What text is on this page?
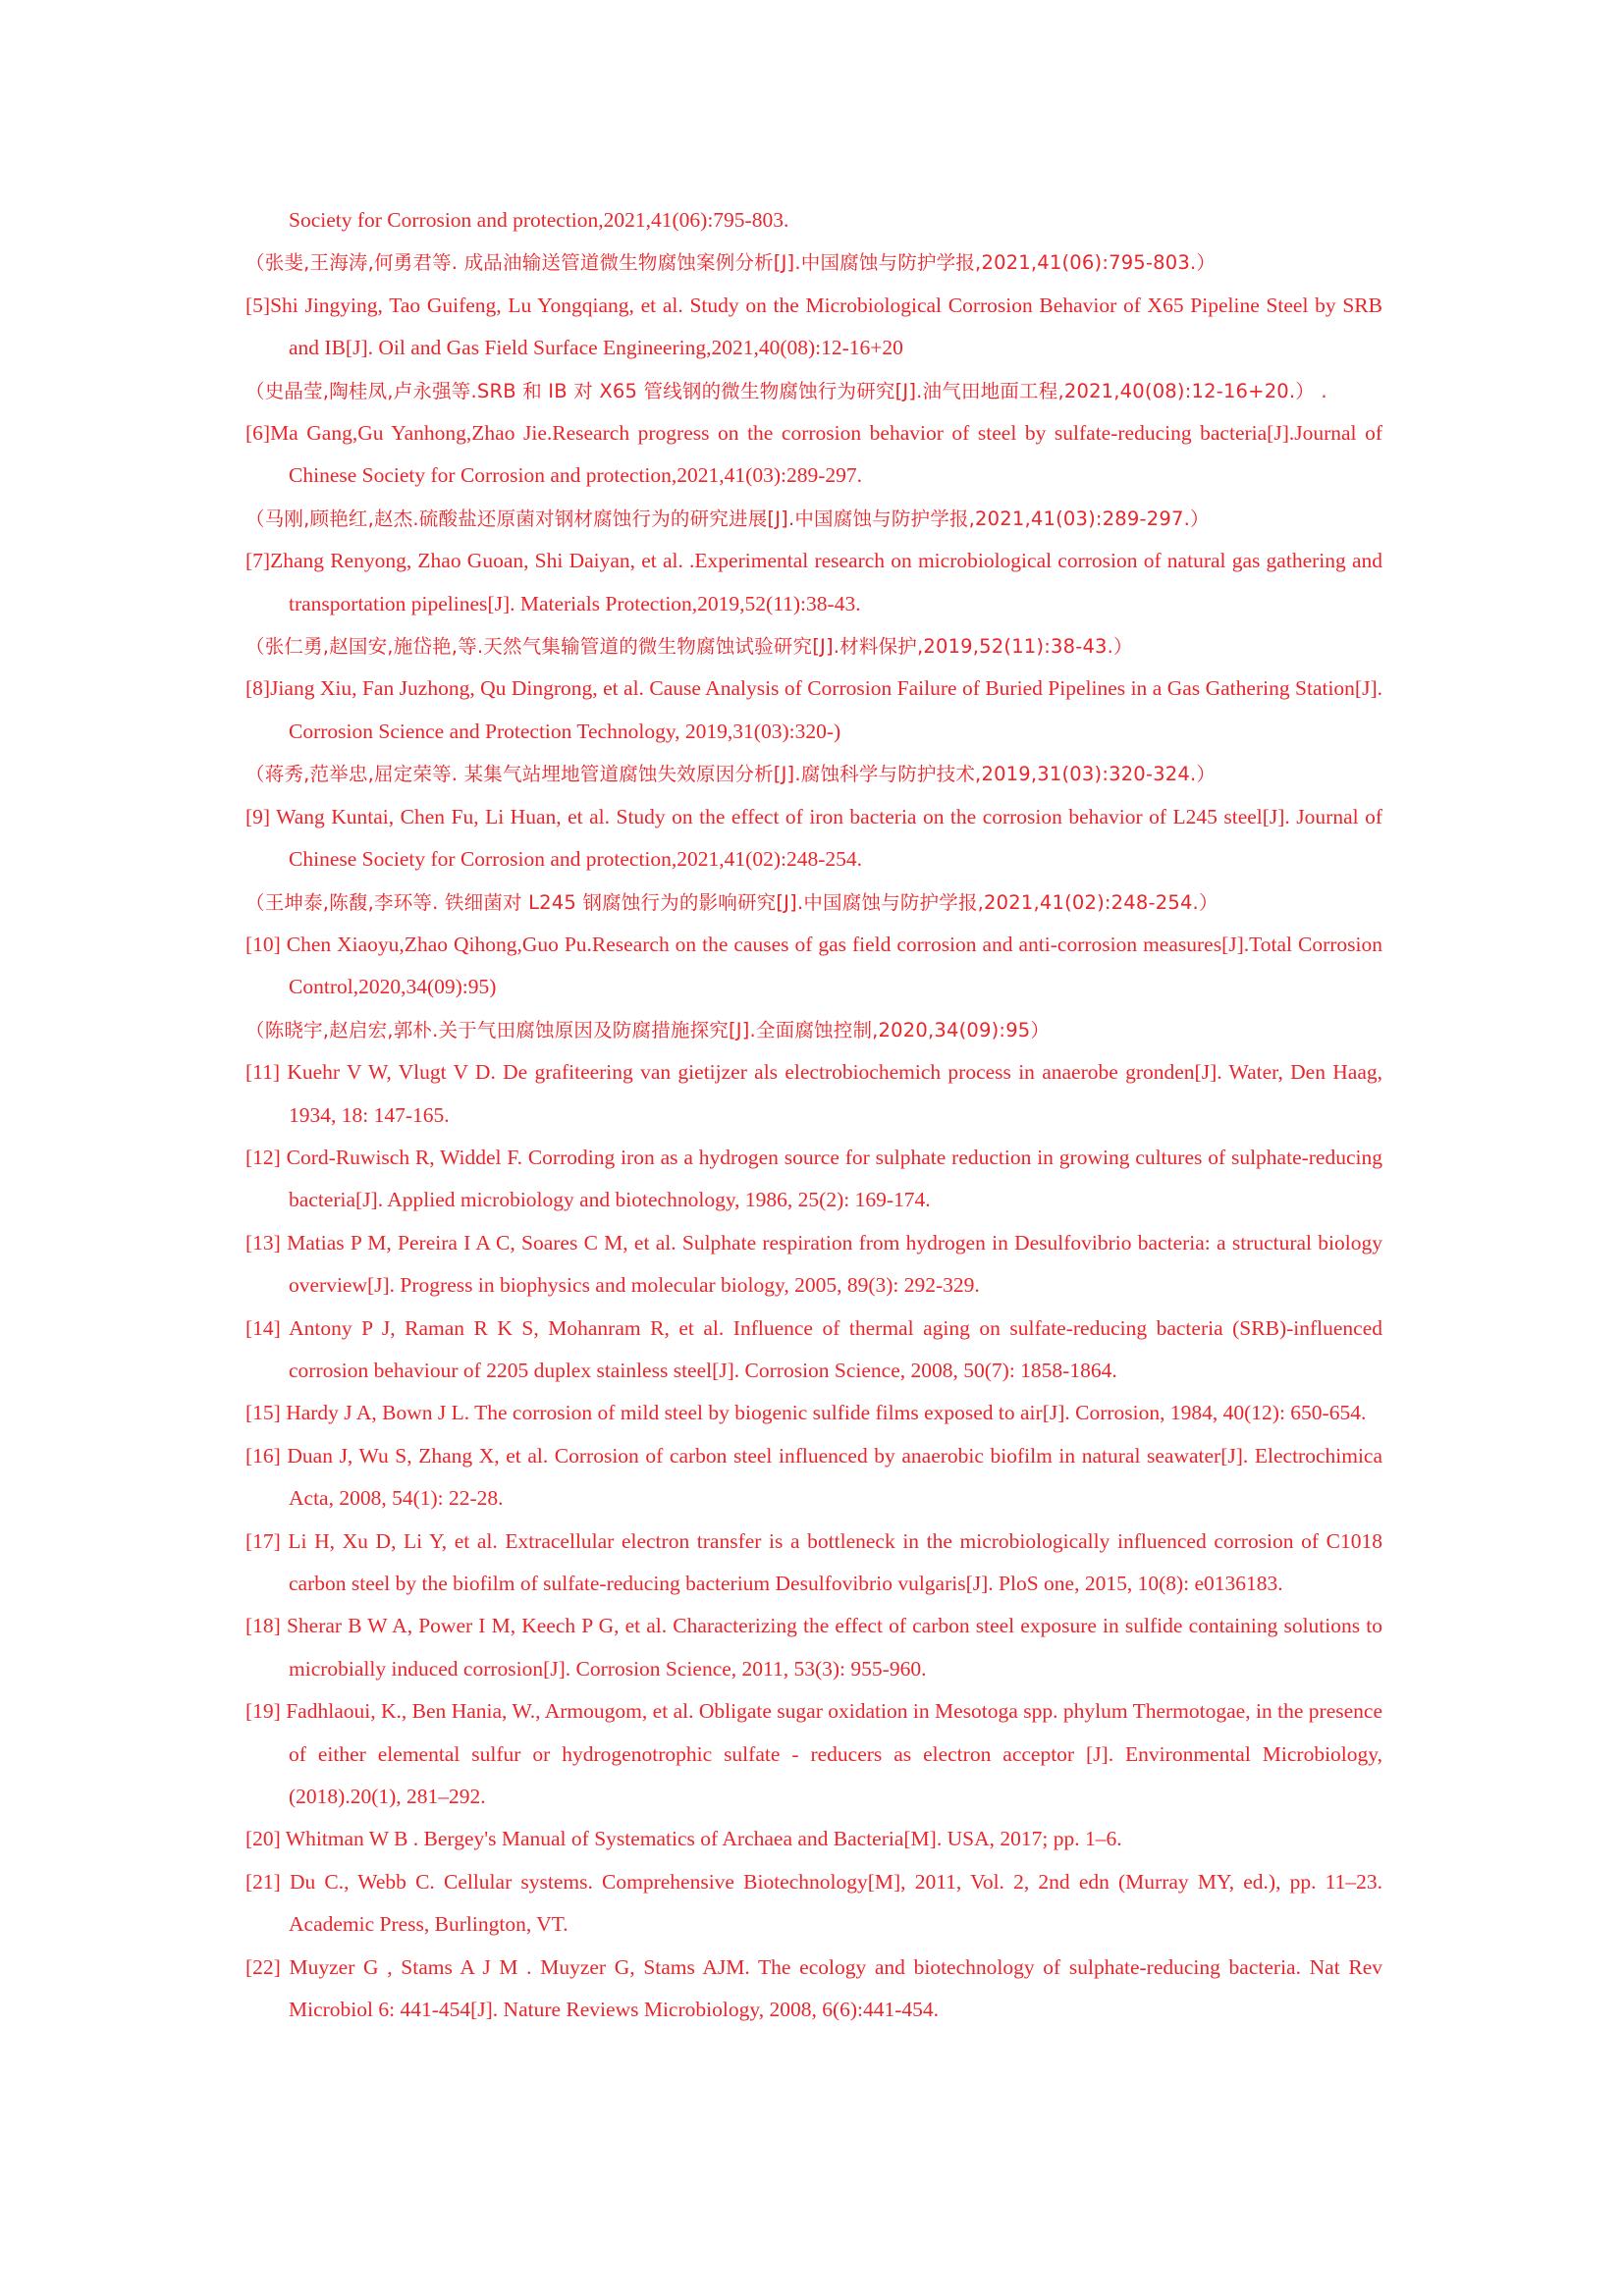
Society for Corrosion and protection,2021,41(06):795-803.

（张斐,王海涛,何勇君等. 成品油输送管道微生物腐蚀案例分析[J].中国腐蚀与防护学报,2021,41(06):795-803.）

[5]Shi Jingying, Tao Guifeng, Lu Yongqiang, et al. Study on the Microbiological Corrosion Behavior of X65 Pipeline Steel by SRB and IB[J]. Oil and Gas Field Surface Engineering,2021,40(08):12-16+20

（史晶莹,陶桂凤,卢永强等.SRB 和 IB 对 X65 管线钢的微生物腐蚀行为研究[J].油气田地面工程,2021,40(08):12-16+20.） .

[6]Ma Gang,Gu Yanhong,Zhao Jie.Research progress on the corrosion behavior of steel by sulfate-reducing bacteria[J].Journal of Chinese Society for Corrosion and protection,2021,41(03):289-297.

（马刚,顾艳红,赵杰.硫酸盐还原菌对钢材腐蚀行为的研究进展[J].中国腐蚀与防护学报,2021,41(03):289-297.）

[7]Zhang Renyong, Zhao Guoan, Shi Daiyan, et al. .Experimental research on microbiological corrosion of natural gas gathering and transportation pipelines[J]. Materials Protection,2019,52(11):38-43.

（张仁勇,赵国安,施岱艳,等.天然气集输管道的微生物腐蚀试验研究[J].材料保护,2019,52(11):38-43.）

[8]Jiang Xiu, Fan Juzhong, Qu Dingrong, et al. Cause Analysis of Corrosion Failure of Buried Pipelines in a Gas Gathering Station[J]. Corrosion Science and Protection Technology, 2019,31(03):320-)

（蒋秀,范举忠,屈定荣等. 某集气站埋地管道腐蚀失效原因分析[J].腐蚀科学与防护技术,2019,31(03):320-324.）

[9] Wang Kuntai, Chen Fu, Li Huan, et al. Study on the effect of iron bacteria on the corrosion behavior of L245 steel[J]. Journal of Chinese Society for Corrosion and protection,2021,41(02):248-254.

（王坤泰,陈馥,李环等. 铁细菌对 L245 钢腐蚀行为的影响研究[J].中国腐蚀与防护学报,2021,41(02):248-254.）

[10] Chen Xiaoyu,Zhao Qihong,Guo Pu.Research on the causes of gas field corrosion and anti-corrosion measures[J].Total Corrosion Control,2020,34(09):95)

（陈晓宇,赵启宏,郭朴.关于气田腐蚀原因及防腐措施探究[J].全面腐蚀控制,2020,34(09):95）

[11] Kuehr V W, Vlugt V D. De grafiteering van gietijzer als electrobiochemich process in anaerobe gronden[J]. Water, Den Haag, 1934, 18: 147-165.

[12] Cord-Ruwisch R, Widdel F. Corroding iron as a hydrogen source for sulphate reduction in growing cultures of sulphate-reducing bacteria[J]. Applied microbiology and biotechnology, 1986, 25(2): 169-174.

[13] Matias P M, Pereira I A C, Soares C M, et al. Sulphate respiration from hydrogen in Desulfovibrio bacteria: a structural biology overview[J]. Progress in biophysics and molecular biology, 2005, 89(3): 292-329.

[14] Antony P J, Raman R K S, Mohanram R, et al. Influence of thermal aging on sulfate-reducing bacteria (SRB)-influenced corrosion behaviour of 2205 duplex stainless steel[J]. Corrosion Science, 2008, 50(7): 1858-1864.

[15] Hardy J A, Bown J L. The corrosion of mild steel by biogenic sulfide films exposed to air[J]. Corrosion, 1984, 40(12): 650-654.

[16] Duan J, Wu S, Zhang X, et al. Corrosion of carbon steel influenced by anaerobic biofilm in natural seawater[J]. Electrochimica Acta, 2008, 54(1): 22-28.

[17] Li H, Xu D, Li Y, et al. Extracellular electron transfer is a bottleneck in the microbiologically influenced corrosion of C1018 carbon steel by the biofilm of sulfate-reducing bacterium Desulfovibrio vulgaris[J]. PloS one, 2015, 10(8): e0136183.

[18] Sherar B W A, Power I M, Keech P G, et al. Characterizing the effect of carbon steel exposure in sulfide containing solutions to microbially induced corrosion[J]. Corrosion Science, 2011, 53(3): 955-960.

[19] Fadhlaoui, K., Ben Hania, W., Armougom, et al. Obligate sugar oxidation in Mesotoga spp. phylum Thermotogae, in the presence of either elemental sulfur or hydrogenotrophic sulfate - reducers as electron acceptor [J]. Environmental Microbiology, (2018).20(1), 281–292.

[20] Whitman W B . Bergey's Manual of Systematics of Archaea and Bacteria[M]. USA, 2017; pp. 1–6.

[21] Du C., Webb C. Cellular systems. Comprehensive Biotechnology[M], 2011, Vol. 2, 2nd edn (Murray MY, ed.), pp. 11–23. Academic Press, Burlington, VT.

[22] Muyzer G , Stams A J M . Muyzer G, Stams AJM. The ecology and biotechnology of sulphate-reducing bacteria. Nat Rev Microbiol 6: 441-454[J]. Nature Reviews Microbiology, 2008, 6(6):441-454.
